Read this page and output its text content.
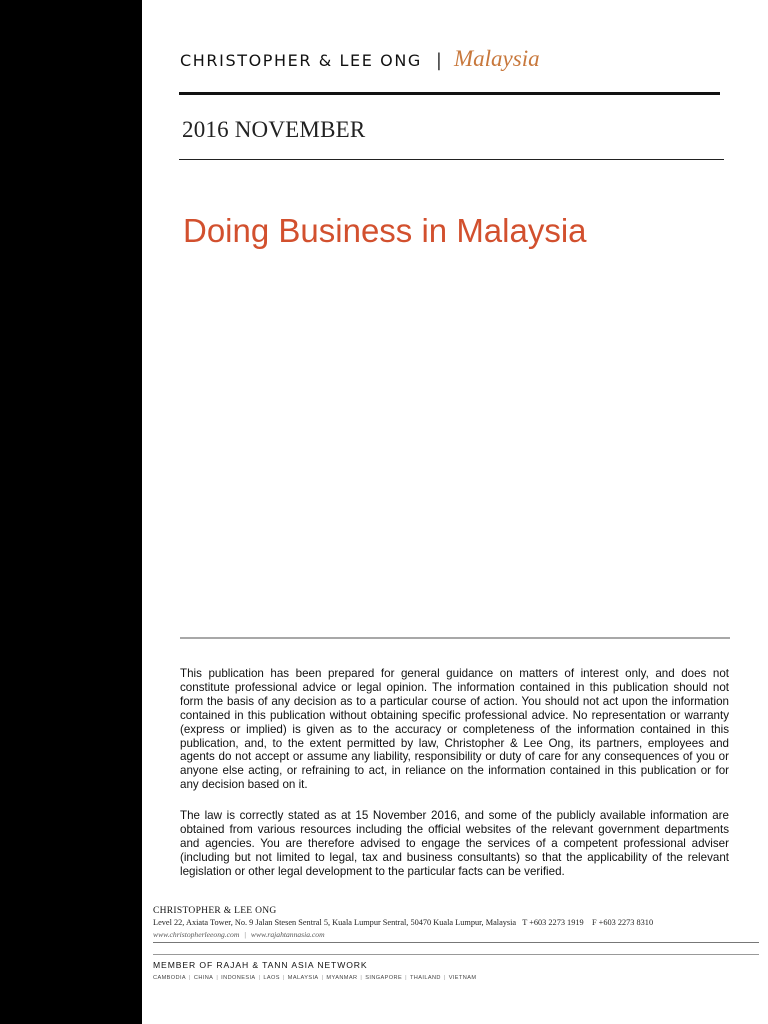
CHRISTOPHER & LEE ONG | Malaysia
2016 NOVEMBER
Doing Business in Malaysia

This publication has been prepared for general guidance on matters of interest only, and does not constitute professional advice or legal opinion. The information contained in this publication should not form the basis of any decision as to a particular course of action. You should not act upon the information contained in this publication without obtaining specific professional advice. No representation or warranty (express or implied) is given as to the accuracy or completeness of the information contained in this publication, and, to the extent permitted by law, Christopher & Lee Ong, its partners, employees and agents do not accept or assume any liability, responsibility or duty of care for any consequences of you or anyone else acting, or refraining to act, in reliance on the information contained in this publication or for any decision based on it.

The law is correctly stated as at 15 November 2016, and some of the publicly available information are obtained from various resources including the official websites of the relevant government departments and agencies. You are therefore advised to engage the services of a competent professional adviser (including but not limited to legal, tax and business consultants) so that the applicability of the relevant legislation or other legal development to the particular facts can be verified.

CHRISTOPHER & LEE ONG
Level 22, Axiata Tower, No. 9 Jalan Stesen Sentral 5, Kuala Lumpur Sentral, 50470 Kuala Lumpur, Malaysia T +603 2273 1919 F +603 2273 8310
www.christopherleeong.com | www.rajahtannasia.com
MEMBER OF RAJAH & TANN ASIA NETWORK
CAMBODIA | CHINA | INDONESIA | LAOS | MALAYSIA | MYANMAR | SINGAPORE | THAILAND | VIETNAM
